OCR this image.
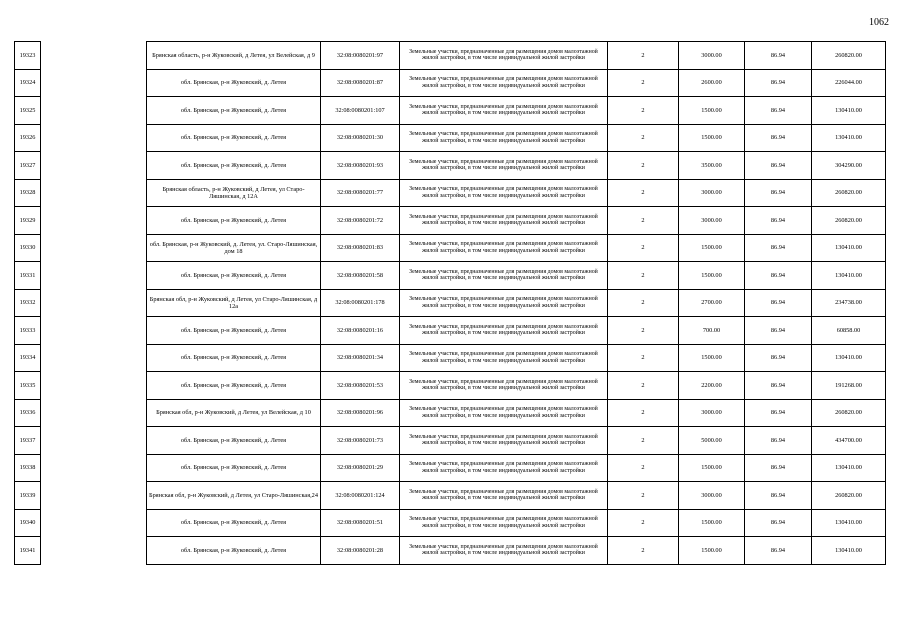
1062
19323		Брянская область, р-н Жуковский, д Летея, ул Велейская, д 9	32:08:0080201:97	Земельные участки, предназначенные для размещения домов малоэтажной жилой застройки, в том числе индивидуальной жилой застройки	2	3000.00	86.94	260820.00
19324		обл. Брянская, р-н Жуковский, д. Летея	32:08:0080201:87	Земельные участки, предназначенные для размещения домов малоэтажной жилой застройки, в том числе индивидуальной жилой застройки	2	2600.00	86.94	226044.00
19325		обл. Брянская, р-н Жуковский, д. Летея	32:08:0080201:107	Земельные участки, предназначенные для размещения домов малоэтажной жилой застройки, в том числе индивидуальной жилой застройки	2	1500.00	86.94	130410.00
19326		обл. Брянская, р-н Жуковский, д. Летея	32:08:0080201:30	Земельные участки, предназначенные для размещения домов малоэтажной жилой застройки, в том числе индивидуальной жилой застройки	2	1500.00	86.94	130410.00
19327		обл. Брянская, р-н Жуковский, д. Летея	32:08:0080201:93	Земельные участки, предназначенные для размещения домов малоэтажной жилой застройки, в том числе индивидуальной жилой застройки	2	3500.00	86.94	304290.00
19328		Брянская область, р-н Жуковский, д Летея, ул Старо-Ляшинская, д 12А	32:08:0080201:77	Земельные участки, предназначенные для размещения домов малоэтажной жилой застройки, в том числе индивидуальной жилой застройки	2	3000.00	86.94	260820.00
19329		обл. Брянская, р-н Жуковский, д. Летея	32:08:0080201:72	Земельные участки, предназначенные для размещения домов малоэтажной жилой застройки, в том числе индивидуальной жилой застройки	2	3000.00	86.94	260820.00
19330		обл. Брянская, р-н Жуковский, д. Летея, ул. Старо-Ляшинская, дом 18	32:08:0080201:83	Земельные участки, предназначенные для размещения домов малоэтажной жилой застройки, в том числе индивидуальной жилой застройки	2	1500.00	86.94	130410.00
19331		обл. Брянская, р-н Жуковский, д. Летея	32:08:0080201:58	Земельные участки, предназначенные для размещения домов малоэтажной жилой застройки, в том числе индивидуальной жилой застройки	2	1500.00	86.94	130410.00
19332		Брянская обл, р-н Жуковский, д Летея, ул Старо-Ляшинская, д 12а	32:08:0080201:178	Земельные участки, предназначенные для размещения домов малоэтажной жилой застройки, в том числе индивидуальной жилой застройки	2	2700.00	86.94	234738.00
19333		обл. Брянская, р-н Жуковский, д. Летея	32:08:0080201:16	Земельные участки, предназначенные для размещения домов малоэтажной жилой застройки, в том числе индивидуальной жилой застройки	2	700.00	86.94	60858.00
19334		обл. Брянская, р-н Жуковский, д. Летея	32:08:0080201:34	Земельные участки, предназначенные для размещения домов малоэтажной жилой застройки, в том числе индивидуальной жилой застройки	2	1500.00	86.94	130410.00
19335		обл. Брянская, р-н Жуковский, д. Летея	32:08:0080201:53	Земельные участки, предназначенные для размещения домов малоэтажной жилой застройки, в том числе индивидуальной жилой застройки	2	2200.00	86.94	191268.00
19336		Брянская обл, р-н Жуковский, д Летея, ул Велейская, д 10	32:08:0080201:96	Земельные участки, предназначенные для размещения домов малоэтажной жилой застройки, в том числе индивидуальной жилой застройки	2	3000.00	86.94	260820.00
19337		обл. Брянская, р-н Жуковский, д. Летея	32:08:0080201:73	Земельные участки, предназначенные для размещения домов малоэтажной жилой застройки, в том числе индивидуальной жилой застройки	2	5000.00	86.94	434700.00
19338		обл. Брянская, р-н Жуковский, д. Летея	32:08:0080201:29	Земельные участки, предназначенные для размещения домов малоэтажной жилой застройки, в том числе индивидуальной жилой застройки	2	1500.00	86.94	130410.00
19339		Брянская обл, р-н Жуковский, д Летея, ул Старо-Ляшинская,24	32:08:0080201:124	Земельные участки, предназначенные для размещения домов малоэтажной жилой застройки, в том числе индивидуальной жилой застройки	2	3000.00	86.94	260820.00
19340		обл. Брянская, р-н Жуковский, д. Летея	32:08:0080201:51	Земельные участки, предназначенные для размещения домов малоэтажной жилой застройки, в том числе индивидуальной жилой застройки	2	1500.00	86.94	130410.00
19341		обл. Брянская, р-н Жуковский, д. Летея	32:08:0080201:28	Земельные участки, предназначенные для размещения домов малоэтажной жилой застройки, в том числе индивидуальной жилой застройки	2	1500.00	86.94	130410.00
